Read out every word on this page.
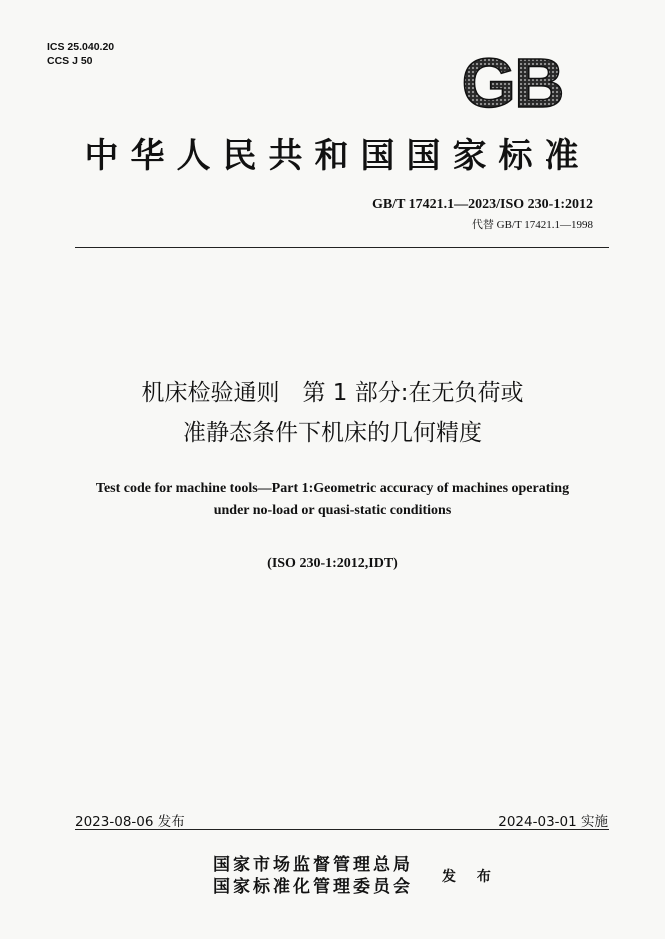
ICS 25.040.20
CCS J 50	GB
中华人民共和国国家标准
GB/T 17421.1—2023/ISO 230-1:2012
代替 GB/T 17421.1—1998
机床检验通则　第 1 部分:在无负荷或
准静态条件下机床的几何精度
Test code for machine tools—Part 1:Geometric accuracy of machines operating
under no-load or quasi-static conditions
(ISO 230-1:2012,IDT)
2023-08-06 发布	2024-03-01 实施
国家市场监督管理总局
国家标准化管理委员会 发 布
